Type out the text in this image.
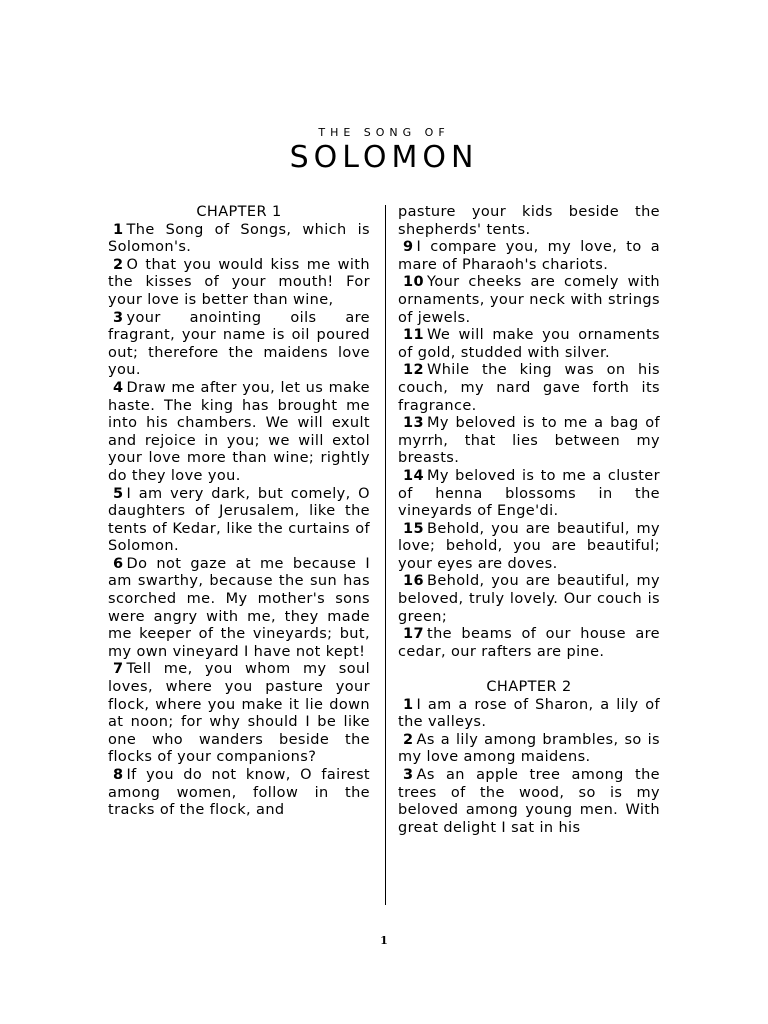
THE SONG OF
SOLOMON

CHAPTER 1

1 The Song of Songs, which is Solomon's.

2 O that you would kiss me with the kisses of your mouth! For your love is better than wine,

3 your anointing oils are fragrant, your name is oil poured out; therefore the maidens love you.

4 Draw me after you, let us make haste. The king has brought me into his chambers. We will exult and rejoice in you; we will extol your love more than wine; rightly do they love you.

5 I am very dark, but comely, O daughters of Jerusalem, like the tents of Kedar, like the curtains of Solomon.

6 Do not gaze at me because I am swarthy, because the sun has scorched me. My mother's sons were angry with me, they made me keeper of the vineyards; but, my own vineyard I have not kept!

7 Tell me, you whom my soul loves, where you pasture your flock, where you make it lie down at noon; for why should I be like one who wanders beside the flocks of your companions?

8 If you do not know, O fairest among women, follow in the tracks of the flock, and

pasture your kids beside the shepherds' tents.

9 I compare you, my love, to a mare of Pharaoh's chariots.

10 Your cheeks are comely with ornaments, your neck with strings of jewels.

11 We will make you ornaments of gold, studded with silver.

12 While the king was on his couch, my nard gave forth its fragrance.

13 My beloved is to me a bag of myrrh, that lies between my breasts.

14 My beloved is to me a cluster of henna blossoms in the vineyards of Enge'di.

15 Behold, you are beautiful, my love; behold, you are beautiful; your eyes are doves.

16 Behold, you are beautiful, my beloved, truly lovely. Our couch is green;

17 the beams of our house are cedar, our rafters are pine.

CHAPTER 2

1 I am a rose of Sharon, a lily of the valleys.

2 As a lily among brambles, so is my love among maidens.

3 As an apple tree among the trees of the wood, so is my beloved among young men. With great delight I sat in his

1
